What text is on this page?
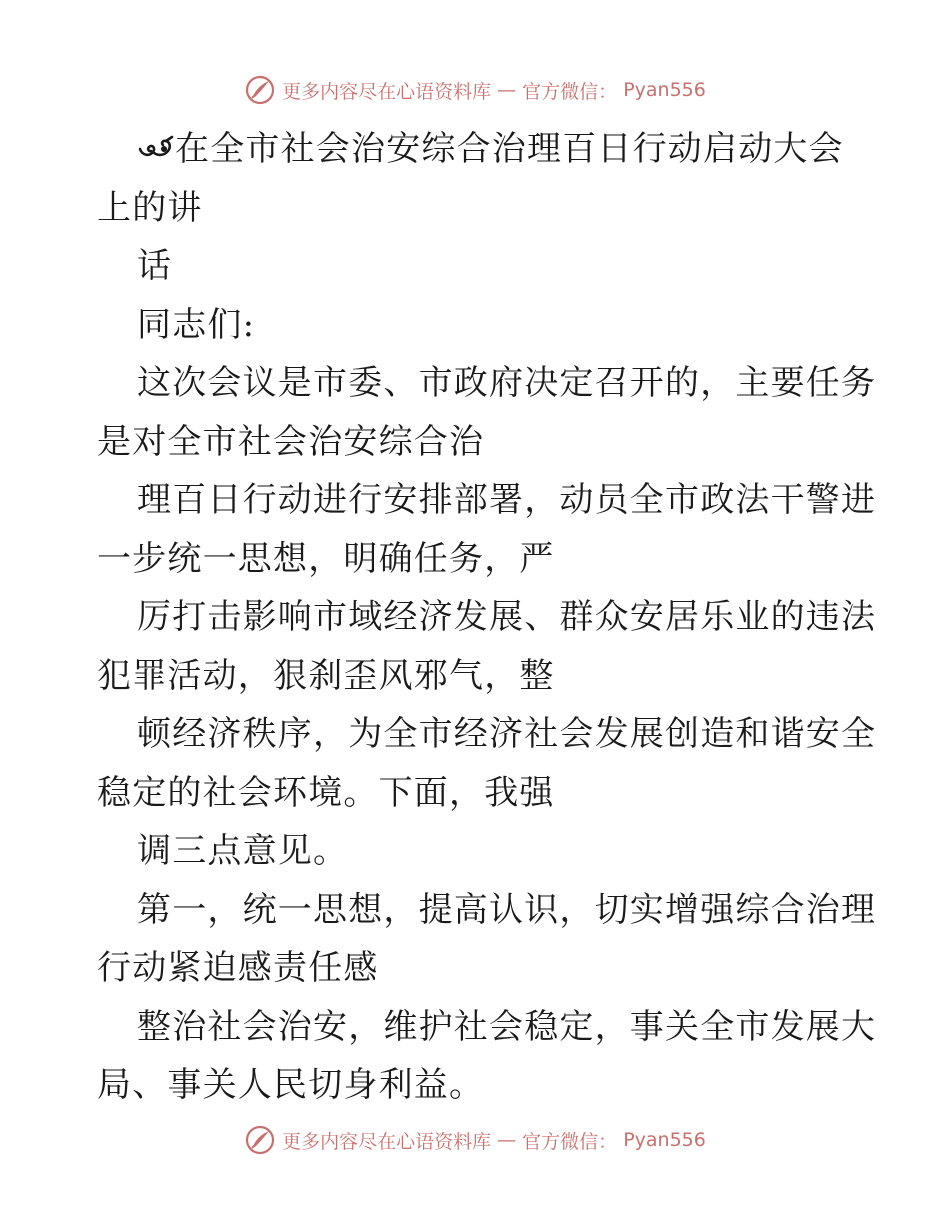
更多内容尽在心语资料库 — 官方微信： Pyan556

在全市社会治安综合治理百日行动启动大会

上的讲

话

同志们:

这次会议是市委、市政府决定召开的，主要任务

是对全市社会治安综合治

理百日行动进行安排部署，动员全市政法干警进

一步统一思想，明确任务，严

厉打击影响市域经济发展、群众安居乐业的违法

犯罪活动，狠刹歪风邪气，整

顿经济秩序，为全市经济社会发展创造和谐安全

稳定的社会环境。下面，我强

调三点意见。

第一，统一思想，提高认识，切实增强综合治理

行动紧迫感责任感

整治社会治安，维护社会稳定，事关全市发展大

局、事关人民切身利益。

更多内容尽在心语资料库 — 官方微信： Pyan556
